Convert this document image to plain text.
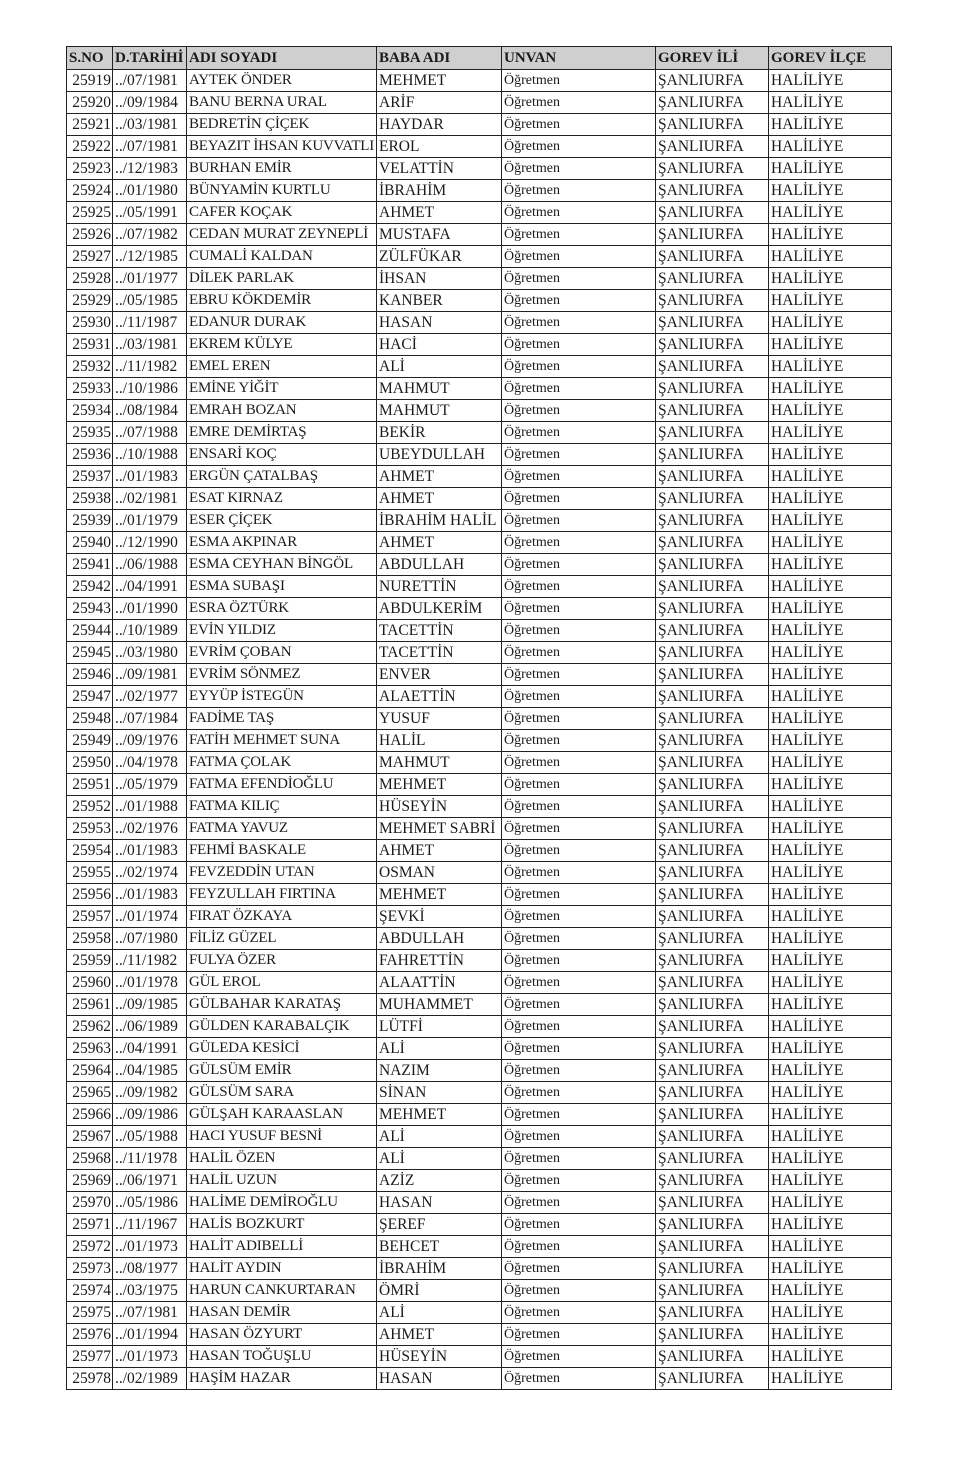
S.NO	D.TARİHİ	ADI SOYADI	BABA ADI	UNVAN	GOREV İLİ	GOREV İLÇE
25919	../07/1981	AYTEK ÖNDER	MEHMET	Öğretmen	ŞANLIURFA	HALİLİYE
25920	../09/1984	BANU BERNA URAL	ARİF	Öğretmen	ŞANLIURFA	HALİLİYE
25921	../03/1981	BEDRETİN ÇİÇEK	HAYDAR	Öğretmen	ŞANLIURFA	HALİLİYE
25922	../07/1981	BEYAZIT İHSAN KUVVATLI	EROL	Öğretmen	ŞANLIURFA	HALİLİYE
25923	../12/1983	BURHAN EMİR	VELATTİN	Öğretmen	ŞANLIURFA	HALİLİYE
25924	../01/1980	BÜNYAMİN KURTLU	İBRAHİM	Öğretmen	ŞANLIURFA	HALİLİYE
25925	../05/1991	CAFER KOÇAK	AHMET	Öğretmen	ŞANLIURFA	HALİLİYE
25926	../07/1982	CEDAN MURAT ZEYNEPLİ	MUSTAFA	Öğretmen	ŞANLIURFA	HALİLİYE
25927	../12/1985	CUMALİ KALDAN	ZÜLFÜKAR	Öğretmen	ŞANLIURFA	HALİLİYE
25928	../01/1977	DİLEK PARLAK	İHSAN	Öğretmen	ŞANLIURFA	HALİLİYE
25929	../05/1985	EBRU KÖKDEMİR	KANBER	Öğretmen	ŞANLIURFA	HALİLİYE
25930	../11/1987	EDANUR DURAK	HASAN	Öğretmen	ŞANLIURFA	HALİLİYE
25931	../03/1981	EKREM KÜLYE	HACİ	Öğretmen	ŞANLIURFA	HALİLİYE
25932	../11/1982	EMEL EREN	ALİ	Öğretmen	ŞANLIURFA	HALİLİYE
25933	../10/1986	EMİNE YİĞİT	MAHMUT	Öğretmen	ŞANLIURFA	HALİLİYE
25934	../08/1984	EMRAH BOZAN	MAHMUT	Öğretmen	ŞANLIURFA	HALİLİYE
25935	../07/1988	EMRE DEMİRTAŞ	BEKİR	Öğretmen	ŞANLIURFA	HALİLİYE
25936	../10/1988	ENSARİ KOÇ	UBEYDULLAH	Öğretmen	ŞANLIURFA	HALİLİYE
25937	../01/1983	ERGÜN ÇATALBAŞ	AHMET	Öğretmen	ŞANLIURFA	HALİLİYE
25938	../02/1981	ESAT KIRNAZ	AHMET	Öğretmen	ŞANLIURFA	HALİLİYE
25939	../01/1979	ESER ÇİÇEK	İBRAHİM HALİL	Öğretmen	ŞANLIURFA	HALİLİYE
25940	../12/1990	ESMA AKPINAR	AHMET	Öğretmen	ŞANLIURFA	HALİLİYE
25941	../06/1988	ESMA CEYHAN BİNGÖL	ABDULLAH	Öğretmen	ŞANLIURFA	HALİLİYE
25942	../04/1991	ESMA SUBAŞI	NURETTİN	Öğretmen	ŞANLIURFA	HALİLİYE
25943	../01/1990	ESRA ÖZTÜRK	ABDULKERİM	Öğretmen	ŞANLIURFA	HALİLİYE
25944	../10/1989	EVİN YILDIZ	TACETTİN	Öğretmen	ŞANLIURFA	HALİLİYE
25945	../03/1980	EVRİM ÇOBAN	TACETTİN	Öğretmen	ŞANLIURFA	HALİLİYE
25946	../09/1981	EVRİM SÖNMEZ	ENVER	Öğretmen	ŞANLIURFA	HALİLİYE
25947	../02/1977	EYYÜP İSTEGÜN	ALAETTİN	Öğretmen	ŞANLIURFA	HALİLİYE
25948	../07/1984	FADİME TAŞ	YUSUF	Öğretmen	ŞANLIURFA	HALİLİYE
25949	../09/1976	FATİH MEHMET SUNA	HALİL	Öğretmen	ŞANLIURFA	HALİLİYE
25950	../04/1978	FATMA ÇOLAK	MAHMUT	Öğretmen	ŞANLIURFA	HALİLİYE
25951	../05/1979	FATMA EFENDİOĞLU	MEHMET	Öğretmen	ŞANLIURFA	HALİLİYE
25952	../01/1988	FATMA KILIÇ	HÜSEYİN	Öğretmen	ŞANLIURFA	HALİLİYE
25953	../02/1976	FATMA YAVUZ	MEHMET SABRİ	Öğretmen	ŞANLIURFA	HALİLİYE
25954	../01/1983	FEHMİ BASKALE	AHMET	Öğretmen	ŞANLIURFA	HALİLİYE
25955	../02/1974	FEVZEDDİN UTAN	OSMAN	Öğretmen	ŞANLIURFA	HALİLİYE
25956	../01/1983	FEYZULLAH FIRTINA	MEHMET	Öğretmen	ŞANLIURFA	HALİLİYE
25957	../01/1974	FIRAT ÖZKAYA	ŞEVKİ	Öğretmen	ŞANLIURFA	HALİLİYE
25958	../07/1980	FİLİZ GÜZEL	ABDULLAH	Öğretmen	ŞANLIURFA	HALİLİYE
25959	../11/1982	FULYA ÖZER	FAHRETTİN	Öğretmen	ŞANLIURFA	HALİLİYE
25960	../01/1978	GÜL EROL	ALAATTİN	Öğretmen	ŞANLIURFA	HALİLİYE
25961	../09/1985	GÜLBAHAR KARATAŞ	MUHAMMET	Öğretmen	ŞANLIURFA	HALİLİYE
25962	../06/1989	GÜLDEN KARABALÇIK	LÜTFİ	Öğretmen	ŞANLIURFA	HALİLİYE
25963	../04/1991	GÜLEDA KESİCİ	ALİ	Öğretmen	ŞANLIURFA	HALİLİYE
25964	../04/1985	GÜLSÜM EMİR	NAZIM	Öğretmen	ŞANLIURFA	HALİLİYE
25965	../09/1982	GÜLSÜM SARA	SİNAN	Öğretmen	ŞANLIURFA	HALİLİYE
25966	../09/1986	GÜLŞAH KARAASLAN	MEHMET	Öğretmen	ŞANLIURFA	HALİLİYE
25967	../05/1988	HACI YUSUF BESNİ	ALİ	Öğretmen	ŞANLIURFA	HALİLİYE
25968	../11/1978	HALİL ÖZEN	ALİ	Öğretmen	ŞANLIURFA	HALİLİYE
25969	../06/1971	HALİL UZUN	AZİZ	Öğretmen	ŞANLIURFA	HALİLİYE
25970	../05/1986	HALİME DEMİROĞLU	HASAN	Öğretmen	ŞANLIURFA	HALİLİYE
25971	../11/1967	HALİS BOZKURT	ŞEREF	Öğretmen	ŞANLIURFA	HALİLİYE
25972	../01/1973	HALİT ADIBELLİ	BEHCET	Öğretmen	ŞANLIURFA	HALİLİYE
25973	../08/1977	HALİT AYDIN	İBRAHİM	Öğretmen	ŞANLIURFA	HALİLİYE
25974	../03/1975	HARUN CANKURTARAN	ÖMRİ	Öğretmen	ŞANLIURFA	HALİLİYE
25975	../07/1981	HASAN DEMİR	ALİ	Öğretmen	ŞANLIURFA	HALİLİYE
25976	../01/1994	HASAN ÖZYURT	AHMET	Öğretmen	ŞANLIURFA	HALİLİYE
25977	../01/1973	HASAN TOĞUŞLU	HÜSEYİN	Öğretmen	ŞANLIURFA	HALİLİYE
25978	../02/1989	HAŞİM HAZAR	HASAN	Öğretmen	ŞANLIURFA	HALİLİYE
